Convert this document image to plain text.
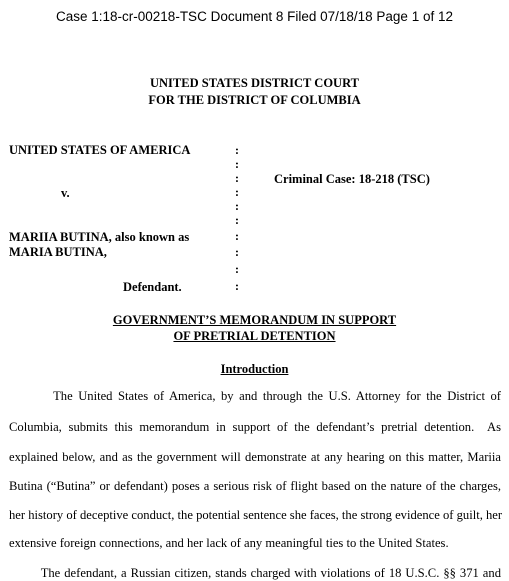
Case 1:18-cr-00218-TSC Document 8 Filed 07/18/18 Page 1 of 12
UNITED STATES DISTRICT COURT
FOR THE DISTRICT OF COLUMBIA
UNITED STATES OF AMERICA
v.
MARIIA BUTINA, also known as
MARIA BUTINA,
Defendant.
:
:
:
:
:
:
:
:
:
:
Criminal Case: 18-218 (TSC)
GOVERNMENT’S MEMORANDUM IN SUPPORT
OF PRETRIAL DETENTION
Introduction
The United States of America, by and through the U.S. Attorney for the District of
Columbia, submits this memorandum in support of the defendant’s pretrial detention.  As
explained below, and as the government will demonstrate at any hearing on this matter, Mariia
Butina (“Butina” or defendant) poses a serious risk of flight based on the nature of the charges,
her history of deceptive conduct, the potential sentence she faces, the strong evidence of guilt, her
extensive foreign connections, and her lack of any meaningful ties to the United States.
The defendant, a Russian citizen, stands charged with violations of 18 U.S.C. §§ 371 and
